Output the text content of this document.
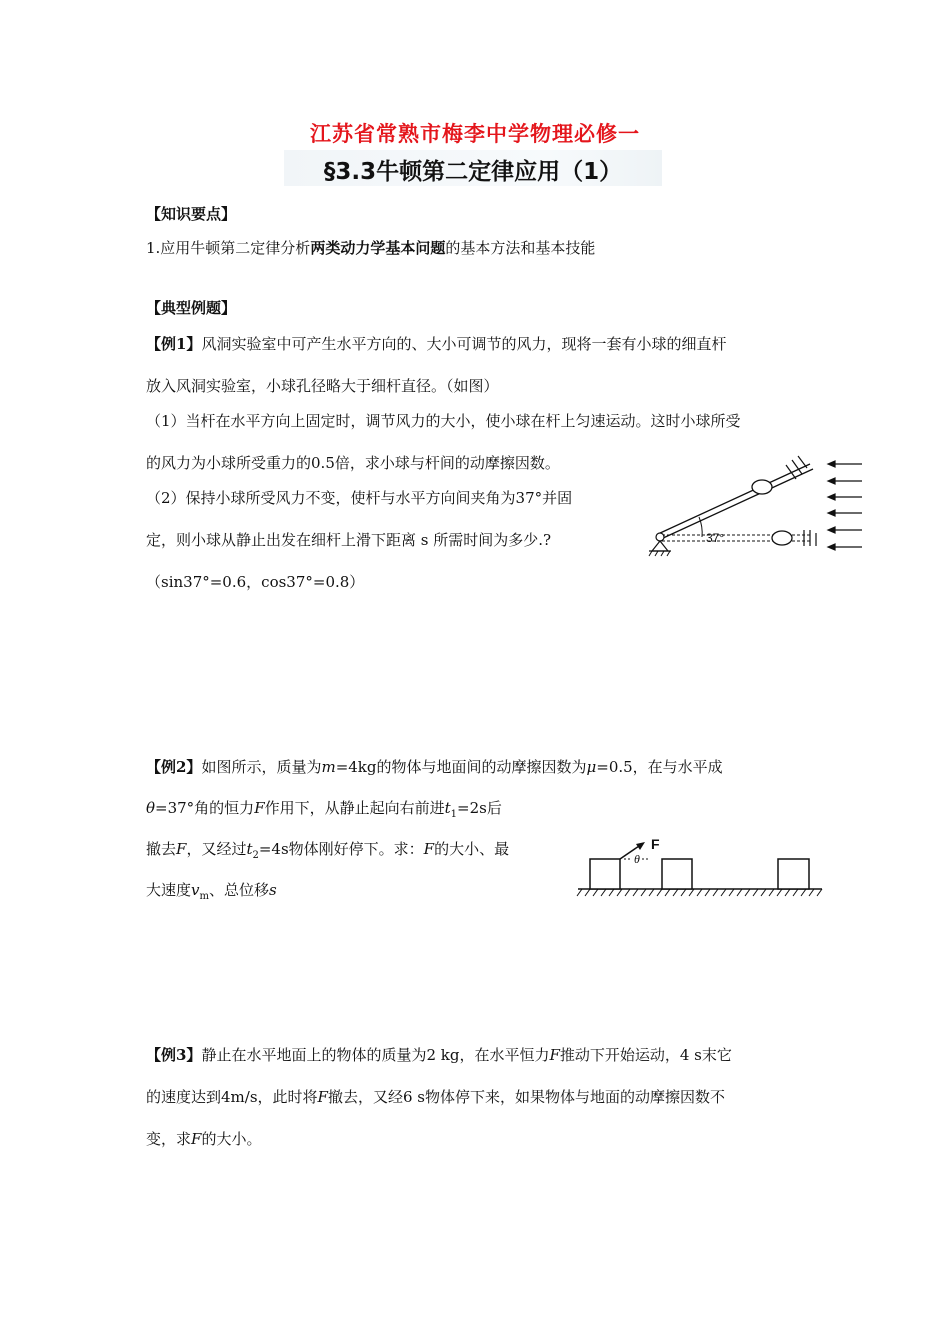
江苏省常熟市梅李中学物理必修一
§3.3牛顿第二定律应用（1）
【知识要点】
1.应用牛顿第二定律分析两类动力学基本问题的基本方法和基本技能
【典型例题】
【例1】风洞实验室中可产生水平方向的、大小可调节的风力，现将一套有小球的细直杆
放入风洞实验室，小球孔径略大于细杆直径。（如图）
（1）当杆在水平方向上固定时，调节风力的大小，使小球在杆上匀速运动。这时小球所受
的风力为小球所受重力的0.5倍，求小球与杆间的动摩擦因数。
（2）保持小球所受风力不变，使杆与水平方向间夹角为37°并固
定，则小球从静止出发在细杆上滑下距离 s 所需时间为多少.?
（sin37°=0.6，cos37°=0.8）
37°
【例2】如图所示，质量为m=4kg的物体与地面间的动摩擦因数为μ=0.5，在与水平成
θ=37°角的恒力F作用下，从静止起向右前进$t_1=2s$后
撤去F，又经过$t_2=4s$物体刚好停下。求：F的大小、最
大速度$v_m$、总位移s
F
θ
【例3】静止在水平地面上的物体的质量为2 kg，在水平恒力F推动下开始运动，4 s末它
的速度达到4m/s，此时将F撤去，又经6 s物体停下来，如果物体与地面的动摩擦因数不
变，求F的大小。
